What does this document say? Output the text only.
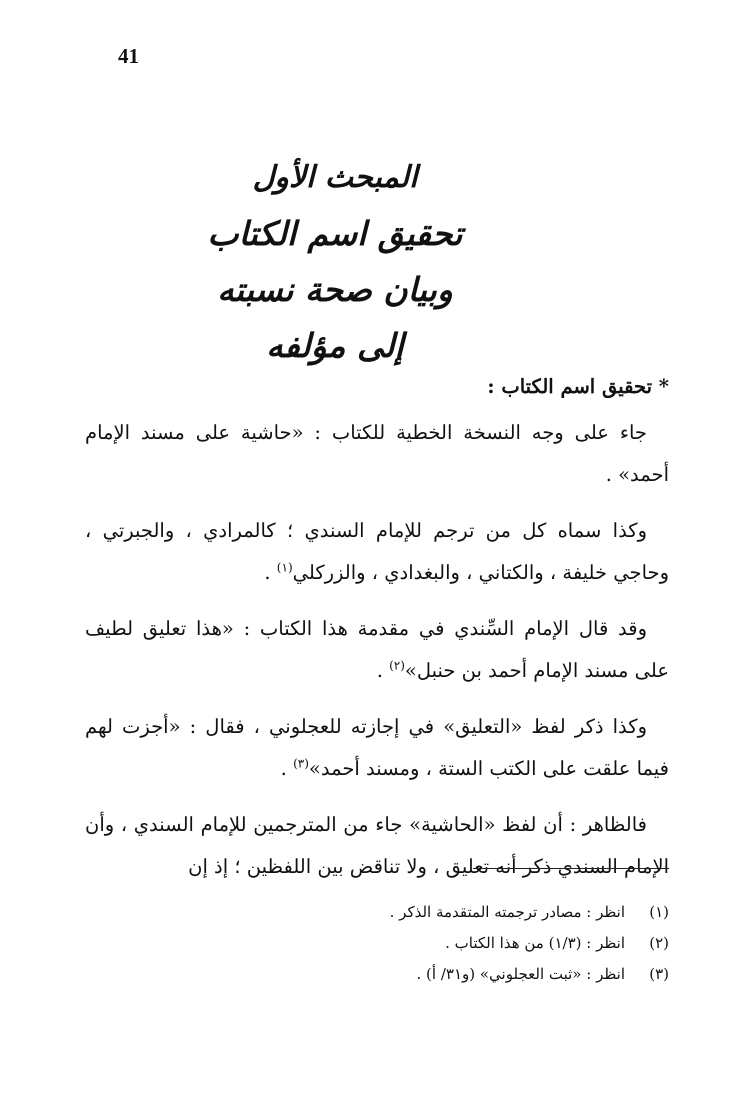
41
المبحث الأول
تحقيق اسم الكتاب
وبيان صحة نسبته إلى مؤلفه

* تحقيق اسم الكتاب :

جاء على وجه النسخة الخطية للكتاب : «حاشية على مسند الإمام أحمد» .

وكذا سماه كل من ترجم للإمام السندي ؛ كالمرادي ، والجبرتي ، وحاجي خليفة ، والكتاني ، والبغدادي ، والزركلي$^{(١)}$ .

وقد قال الإمام السِّندي في مقدمة هذا الكتاب : «هذا تعليق لطيف على مسند الإمام أحمد بن حنبل»$^{(٢)}$ .

وكذا ذكر لفظ «التعليق» في إجازته للعجلوني ، فقال : «أجزت لهم فيما علقت على الكتب الستة ، ومسند أحمد»$^{(٣)}$ .

فالظاهر : أن لفظ «الحاشية» جاء من المترجمين للإمام السندي ، وأن الإمام السندي ذكر أنه تعليق ، ولا تناقض بين اللفظين ؛ إذ إن

(١)
انظر : مصادر ترجمته المتقدمة الذكر .
(٢)
انظر : (١/٣) من هذا الكتاب .
(٣)
انظر : «ثبت العجلوني» (و٣١/ أ) .
